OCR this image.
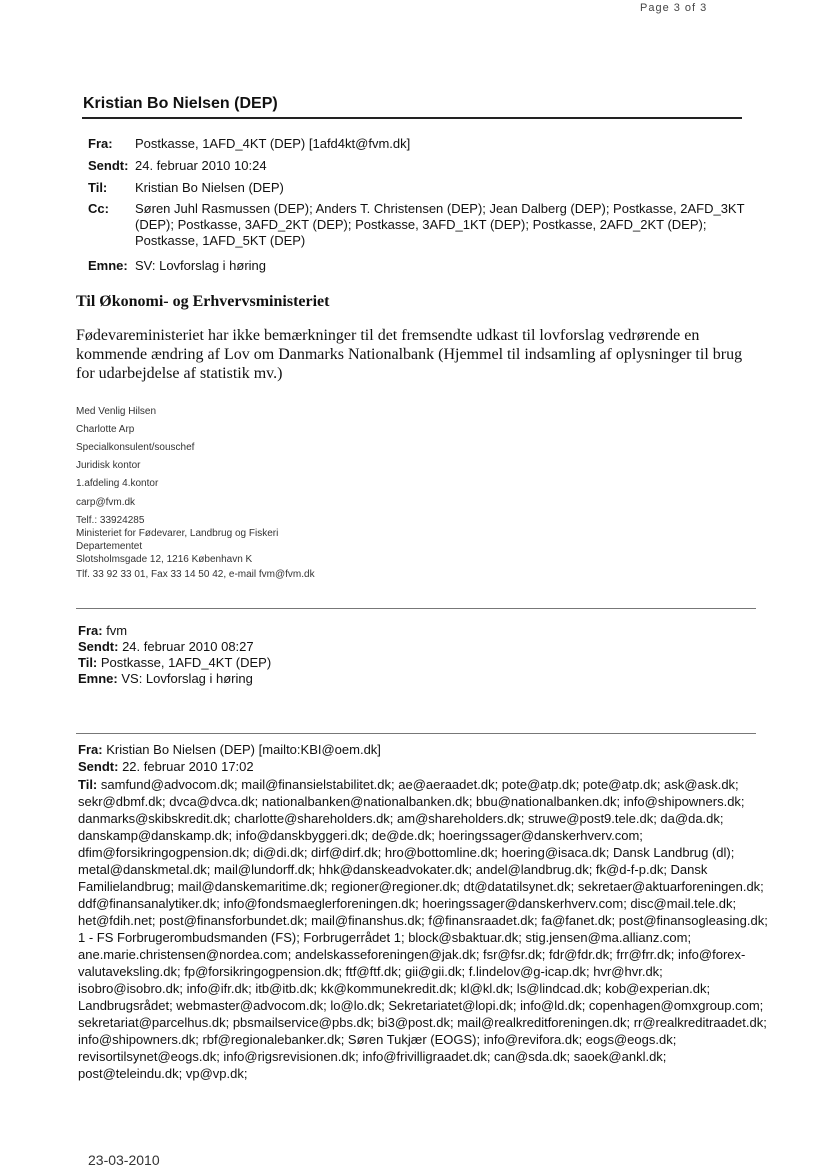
Page 3 of 3
Kristian Bo Nielsen (DEP)
Fra: Postkasse, 1AFD_4KT (DEP) [1afd4kt@fvm.dk]
Sendt: 24. februar 2010 10:24
Til: Kristian Bo Nielsen (DEP)
Cc: Søren Juhl Rasmussen (DEP); Anders T. Christensen (DEP); Jean Dalberg (DEP); Postkasse, 2AFD_3KT (DEP); Postkasse, 3AFD_2KT (DEP); Postkasse, 3AFD_1KT (DEP); Postkasse, 2AFD_2KT (DEP); Postkasse, 1AFD_5KT (DEP)
Emne: SV: Lovforslag i høring
Til Økonomi- og Erhvervsministeriet
Fødevareministeriet har ikke bemærkninger til det fremsendte udkast til lovforslag vedrørende en kommende ændring af Lov om Danmarks Nationalbank (Hjemmel til indsamling af oplysninger til brug for udarbejdelse af statistik mv.)
Med Venlig Hilsen
Charlotte Arp
Specialkonsulent/souschef
Juridisk kontor
1.afdeling 4.kontor
carp@fvm.dk
Telf.: 33924285
Ministeriet for Fødevarer, Landbrug og Fiskeri
Departementet
Slotsholmsgade 12, 1216 København K
Tlf. 33 92 33 01, Fax 33 14 50 42, e-mail fvm@fvm.dk
Fra: fvm
Sendt: 24. februar 2010 08:27
Til: Postkasse, 1AFD_4KT (DEP)
Emne: VS: Lovforslag i høring
Fra: Kristian Bo Nielsen (DEP) [mailto:KBI@oem.dk]
Sendt: 22. februar 2010 17:02
Til: samfund@advocom.dk; mail@finansielstabilitet.dk; ae@aeraadet.dk; pote@atp.dk; pote@atp.dk; ask@ask.dk; sekr@dbmf.dk; dvca@dvca.dk; nationalbanken@nationalbanken.dk; bbu@nationalbanken.dk; info@shipowners.dk; danmarks@skibskredit.dk; charlotte@shareholders.dk; am@shareholders.dk; struwe@post9.tele.dk; da@da.dk; danskamp@danskamp.dk; info@danskbyggeri.dk; de@de.dk; hoeringssager@danskerhverv.com; dfim@forsikringogpension.dk; di@di.dk; dirf@dirf.dk; hro@bottomline.dk; hoering@isaca.dk; Dansk Landbrug (dl); metal@danskmetal.dk; mail@lundorff.dk; hhk@danskeadvokater.dk; andel@landbrug.dk; fk@d-f-p.dk; Dansk Familielandbrug; mail@danskemaritime.dk; regioner@regioner.dk; dt@datatilsynet.dk; sekretaer@aktuarforeningen.dk; ddf@finansanalytiker.dk; info@fondsmaeglerforeningen.dk; hoeringssager@danskerhverv.com; disc@mail.tele.dk; het@fdih.net; post@finansforbundet.dk; mail@finanshus.dk; f@finansraadet.dk; fa@fanet.dk; post@finansogleasing.dk; 1 - FS Forbrugerombudsmanden (FS); Forbrugerrådet 1; block@sbaktuar.dk; stig.jensen@ma.allianz.com; ane.marie.christensen@nordea.com; andelskasseforeningen@jak.dk; fsr@fsr.dk; fdr@fdr.dk; frr@frr.dk; info@forex-valutaveksling.dk; fp@forsikringogpension.dk; ftf@ftf.dk; gii@gii.dk; f.lindelov@g-icap.dk; hvr@hvr.dk; isobro@isobro.dk; info@ifr.dk; itb@itb.dk; kk@kommunekredit.dk; kl@kl.dk; ls@lindcad.dk; kob@experian.dk; Landbrugsrådet; webmaster@advocom.dk; lo@lo.dk; Sekretariatet@lopi.dk; info@ld.dk; copenhagen@omxgroup.com; sekretariat@parcelhus.dk; pbsmailservice@pbs.dk; bi3@post.dk; mail@realkreditforeningen.dk; rr@realkreditraadet.dk; info@shipowners.dk; rbf@regionalebanker.dk; Søren Tukjær (EOGS); info@revifora.dk; eogs@eogs.dk; revisortilsynet@eogs.dk; info@rigsrevisionen.dk; info@frivilligraadet.dk; can@sda.dk; saoek@ankl.dk; post@teleindu.dk; vp@vp.dk;
23-03-2010
